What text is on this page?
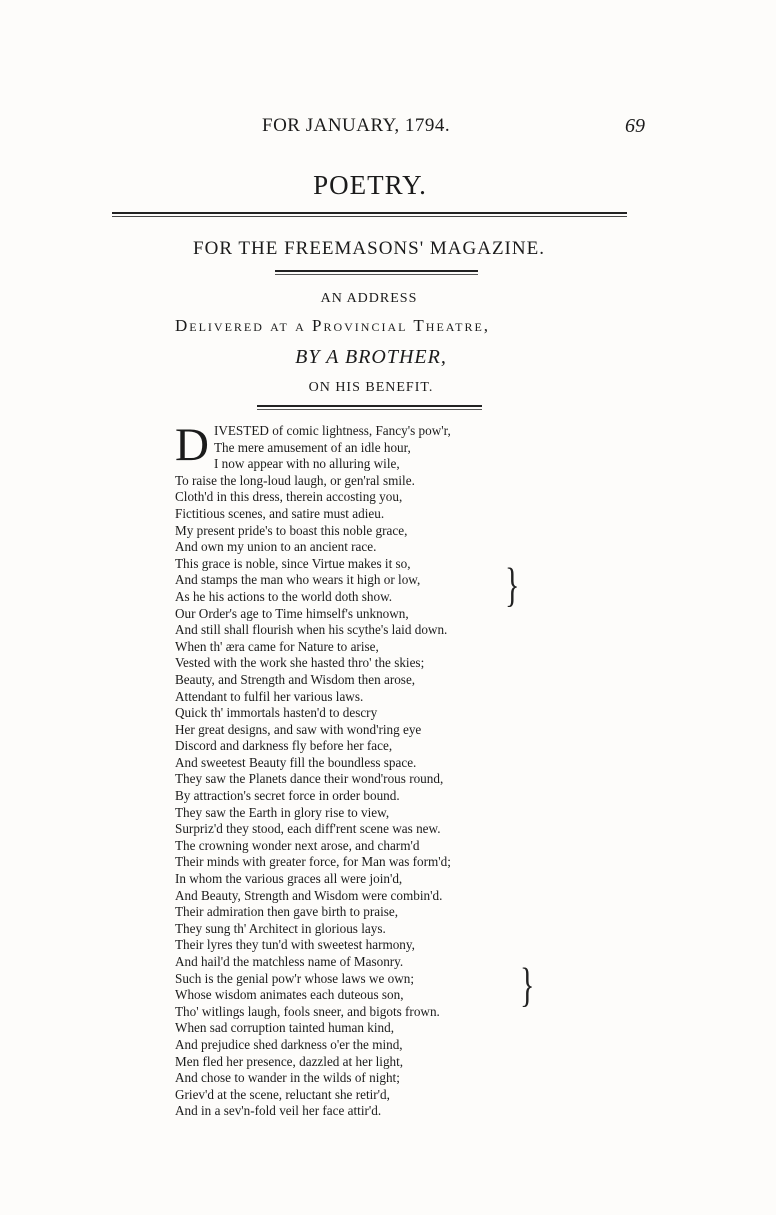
FOR JANUARY, 1794.	69
POETRY.
FOR THE FREEMASONS' MAGAZINE.
AN ADDRESS
Delivered at a Provincial Theatre,
BY A BROTHER,
ON HIS BENEFIT.
D IVESTED of comic lightness, Fancy's pow'r,
The mere amusement of an idle hour,
I now appear with no alluring wile,
To raise the long-loud laugh, or gen'ral smile.
Cloth'd in this dress, therein accosting you,
Fictitious scenes, and satire must adieu.
My present pride's to boast this noble grace,
And own my union to an ancient race.
This grace is noble, since Virtue makes it so,
And stamps the man who wears it high or low,
As he his actions to the world doth show.
Our Order's age to Time himself's unknown,
And still shall flourish when his scythe's laid down.
When th' æra came for Nature to arise,
Vested with the work she hasted thro' the skies;
Beauty, and Strength and Wisdom then arose,
Attendant to fulfil her various laws.
Quick th' immortals hasten'd to descry
Her great designs, and saw with wond'ring eye
Discord and darkness fly before her face,
And sweetest Beauty fill the boundless space.
They saw the Planets dance their wond'rous round,
By attraction's secret force in order bound.
They saw the Earth in glory rise to view,
Surpriz'd they stood, each diff'rent scene was new.
The crowning wonder next arose, and charm'd
Their minds with greater force, for Man was form'd;
In whom the various graces all were join'd,
And Beauty, Strength and Wisdom were combin'd.
Their admiration then gave birth to praise,
They sung th' Architect in glorious lays.
Their lyres they tun'd with sweetest harmony,
And hail'd the matchless name of Masonry.
Such is the genial pow'r whose laws we own;
Whose wisdom animates each duteous son,
Tho' witlings laugh, fools sneer, and bigots frown.
When sad corruption tainted human kind,
And prejudice shed darkness o'er the mind,
Men fled her presence, dazzled at her light,
And chose to wander in the wilds of night;
Griev'd at the scene, reluctant she retir'd,
And in a sev'n-fold veil her face attir'd.
}
}
